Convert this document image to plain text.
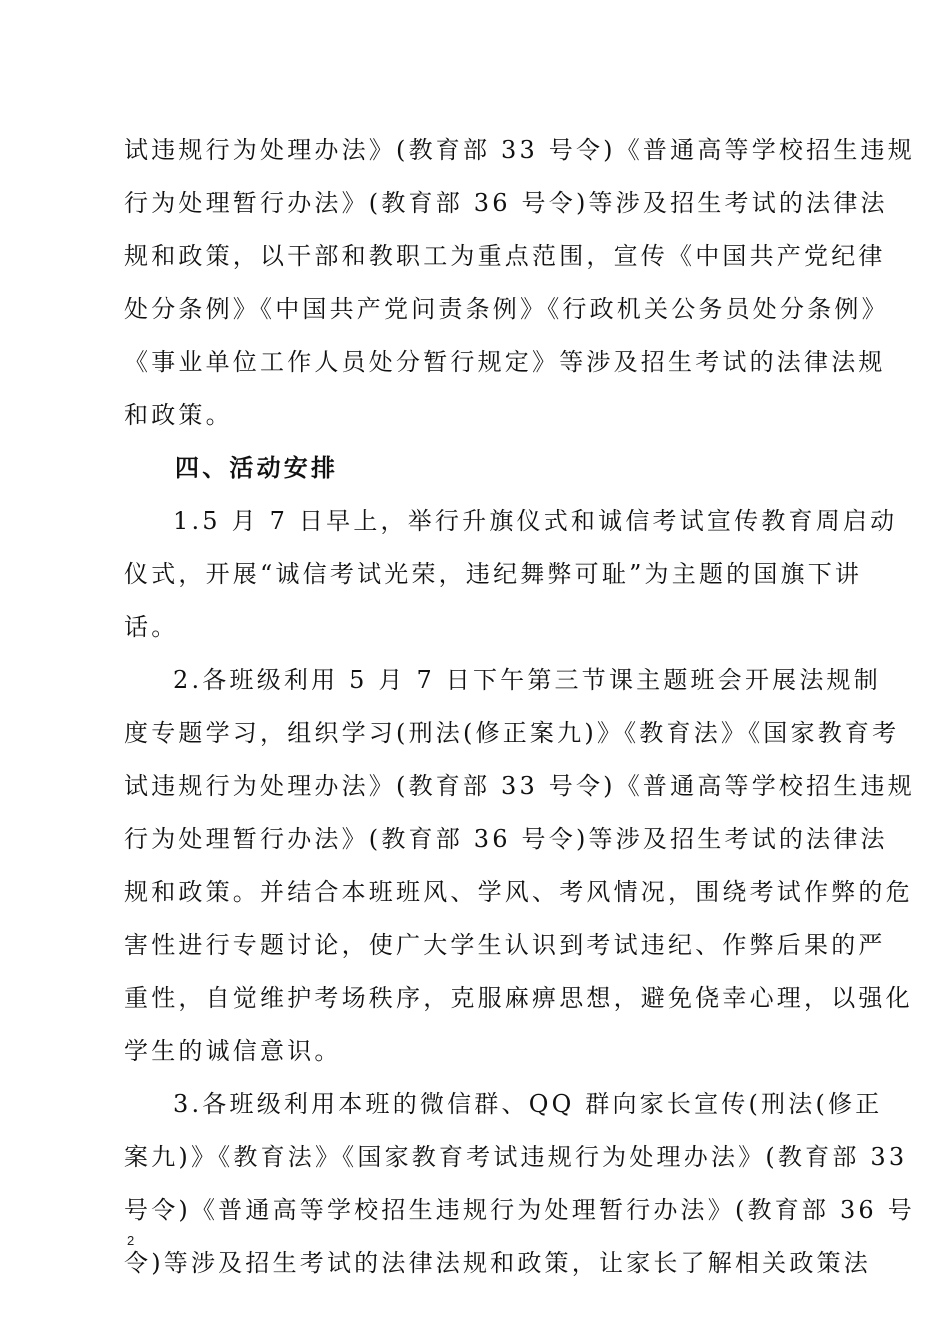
试违规行为处理办法》(教育部 33 号令)《普通高等学校招生违规
行为处理暂行办法》(教育部 36 号令)等涉及招生考试的法律法
规和政策，以干部和教职工为重点范围，宣传《中国共产党纪律
处分条例》《中国共产党问责条例》《行政机关公务员处分条例》
《事业单位工作人员处分暂行规定》等涉及招生考试的法律法规
和政策。
四、活动安排
1.5 月 7 日早上，举行升旗仪式和诚信考试宣传教育周启动
仪式，开展“诚信考试光荣，违纪舞弊可耻”为主题的国旗下讲
话。
2.各班级利用 5 月 7 日下午第三节课主题班会开展法规制
度专题学习，组织学习(刑法(修正案九)》《教育法》《国家教育考
试违规行为处理办法》(教育部 33 号令)《普通高等学校招生违规
行为处理暂行办法》(教育部 36 号令)等涉及招生考试的法律法
规和政策。并结合本班班风、学风、考风情况，围绕考试作弊的危
害性进行专题讨论，使广大学生认识到考试违纪、作弊后果的严
重性，自觉维护考场秩序，克服麻痹思想，避免侥幸心理，以强化
学生的诚信意识。
3.各班级利用本班的微信群、QQ 群向家长宣传(刑法(修正
案九)》《教育法》《国家教育考试违规行为处理办法》(教育部 33
号令)《普通高等学校招生违规行为处理暂行办法》(教育部 36 号
令)等涉及招生考试的法律法规和政策，让家长了解相关政策法
2
